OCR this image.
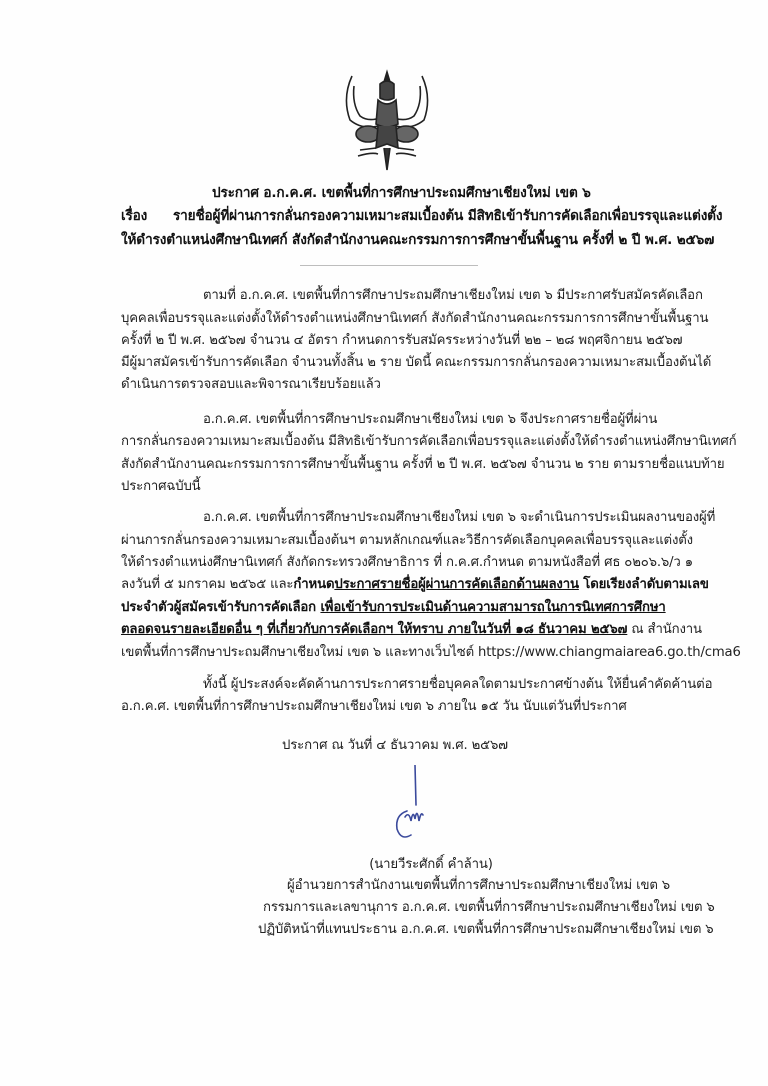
ประกาศ อ.ก.ค.ศ. เขตพื้นที่การศึกษาประถมศึกษาเชียงใหม่ เขต ๖
เรื่อง รายชื่อผู้ที่ผ่านการกลั่นกรองความเหมาะสมเบื้องต้น มีสิทธิเข้ารับการคัดเลือกเพื่อบรรจุและแต่งตั้ง
ให้ดำรงตำแหน่งศึกษานิเทศก์ สังกัดสำนักงานคณะกรรมการการศึกษาขั้นพื้นฐาน ครั้งที่ ๒ ปี พ.ศ. ๒๕๖๗
ตามที่ อ.ก.ค.ศ. เขตพื้นที่การศึกษาประถมศึกษาเชียงใหม่ เขต ๖ มีประกาศรับสมัครคัดเลือก
บุคคลเพื่อบรรจุและแต่งตั้งให้ดำรงตำแหน่งศึกษานิเทศก์ สังกัดสำนักงานคณะกรรมการการศึกษาขั้นพื้นฐาน
ครั้งที่ ๒ ปี พ.ศ. ๒๕๖๗ จำนวน ๔ อัตรา กำหนดการรับสมัครระหว่างวันที่ ๒๒ – ๒๘ พฤศจิกายน ๒๕๖๗
มีผู้มาสมัครเข้ารับการคัดเลือก จำนวนทั้งสิ้น ๒ ราย บัดนี้ คณะกรรมการกลั่นกรองความเหมาะสมเบื้องต้นได้
ดำเนินการตรวจสอบและพิจารณาเรียบร้อยแล้ว
อ.ก.ค.ศ. เขตพื้นที่การศึกษาประถมศึกษาเชียงใหม่ เขต ๖ จึงประกาศรายชื่อผู้ที่ผ่าน
การกลั่นกรองความเหมาะสมเบื้องต้น มีสิทธิเข้ารับการคัดเลือกเพื่อบรรจุและแต่งตั้งให้ดำรงตำแหน่งศึกษานิเทศก์
สังกัดสำนักงานคณะกรรมการการศึกษาขั้นพื้นฐาน ครั้งที่ ๒ ปี พ.ศ. ๒๕๖๗ จำนวน ๒ ราย ตามรายชื่อแนบท้าย
ประกาศฉบับนี้
อ.ก.ค.ศ. เขตพื้นที่การศึกษาประถมศึกษาเชียงใหม่ เขต ๖ จะดำเนินการประเมินผลงานของผู้ที่
ผ่านการกลั่นกรองความเหมาะสมเบื้องต้นฯ ตามหลักเกณฑ์และวิธีการคัดเลือกบุคคลเพื่อบรรจุและแต่งตั้ง
ให้ดำรงตำแหน่งศึกษานิเทศก์ สังกัดกระทรวงศึกษาธิการ ที่ ก.ค.ศ.กำหนด ตามหนังสือที่ ศธ ๐๒๐๖.๖/ว ๑
ลงวันที่ ๕ มกราคม ๒๕๖๕ และกำหนดประกาศรายชื่อผู้ผ่านการคัดเลือกด้านผลงาน โดยเรียงลำดับตามเลข
ประจำตัวผู้สมัครเข้ารับการคัดเลือก เพื่อเข้ารับการประเมินด้านความสามารถในการนิเทศการศึกษา
ตลอดจนรายละเอียดอื่น ๆ ที่เกี่ยวกับการคัดเลือกฯ ให้ทราบ ภายในวันที่ ๑๘ ธันวาคม ๒๕๖๗ ณ สำนักงาน
เขตพื้นที่การศึกษาประถมศึกษาเชียงใหม่ เขต ๖ และทางเว็บไซต์ https://www.chiangmaiarea6.go.th/cma6
ทั้งนี้ ผู้ประสงค์จะคัดค้านการประกาศรายชื่อบุคคลใดตามประกาศข้างต้น ให้ยื่นคำคัดค้านต่อ
อ.ก.ค.ศ. เขตพื้นที่การศึกษาประถมศึกษาเชียงใหม่ เขต ๖ ภายใน ๑๕ วัน นับแต่วันที่ประกาศ
ประกาศ ณ วันที่ ๔ ธันวาคม พ.ศ. ๒๕๖๗
(นายวีระศักดิ์ คำล้าน)
ผู้อำนวยการสำนักงานเขตพื้นที่การศึกษาประถมศึกษาเชียงใหม่ เขต ๖
กรรมการและเลขานุการ อ.ก.ค.ศ. เขตพื้นที่การศึกษาประถมศึกษาเชียงใหม่ เขต ๖
ปฏิบัติหน้าที่แทนประธาน อ.ก.ค.ศ. เขตพื้นที่การศึกษาประถมศึกษาเชียงใหม่ เขต ๖
